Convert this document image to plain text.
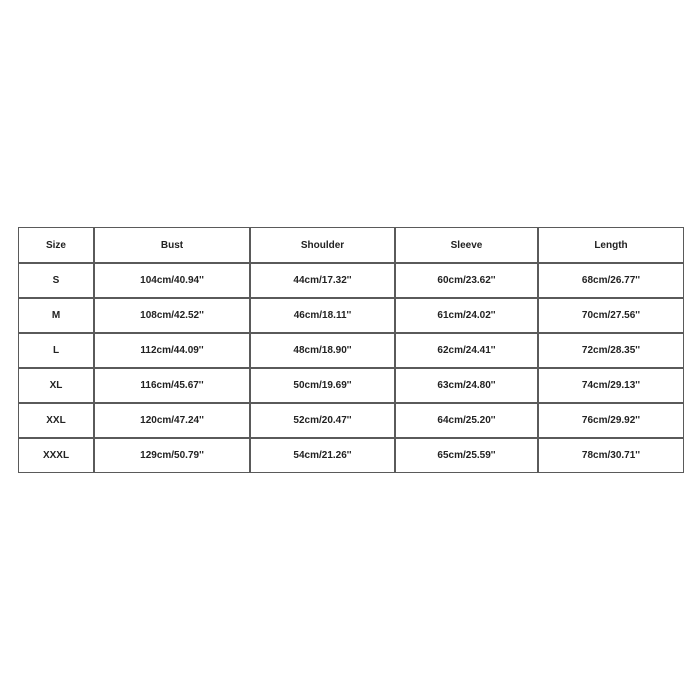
Size	Bust	Shoulder	Sleeve	Length
S	104cm/40.94''	44cm/17.32''	60cm/23.62''	68cm/26.77''
M	108cm/42.52''	46cm/18.11''	61cm/24.02''	70cm/27.56''
L	112cm/44.09''	48cm/18.90''	62cm/24.41''	72cm/28.35''
XL	116cm/45.67''	50cm/19.69''	63cm/24.80''	74cm/29.13''
XXL	120cm/47.24''	52cm/20.47''	64cm/25.20''	76cm/29.92''
XXXL	129cm/50.79''	54cm/21.26''	65cm/25.59''	78cm/30.71''
